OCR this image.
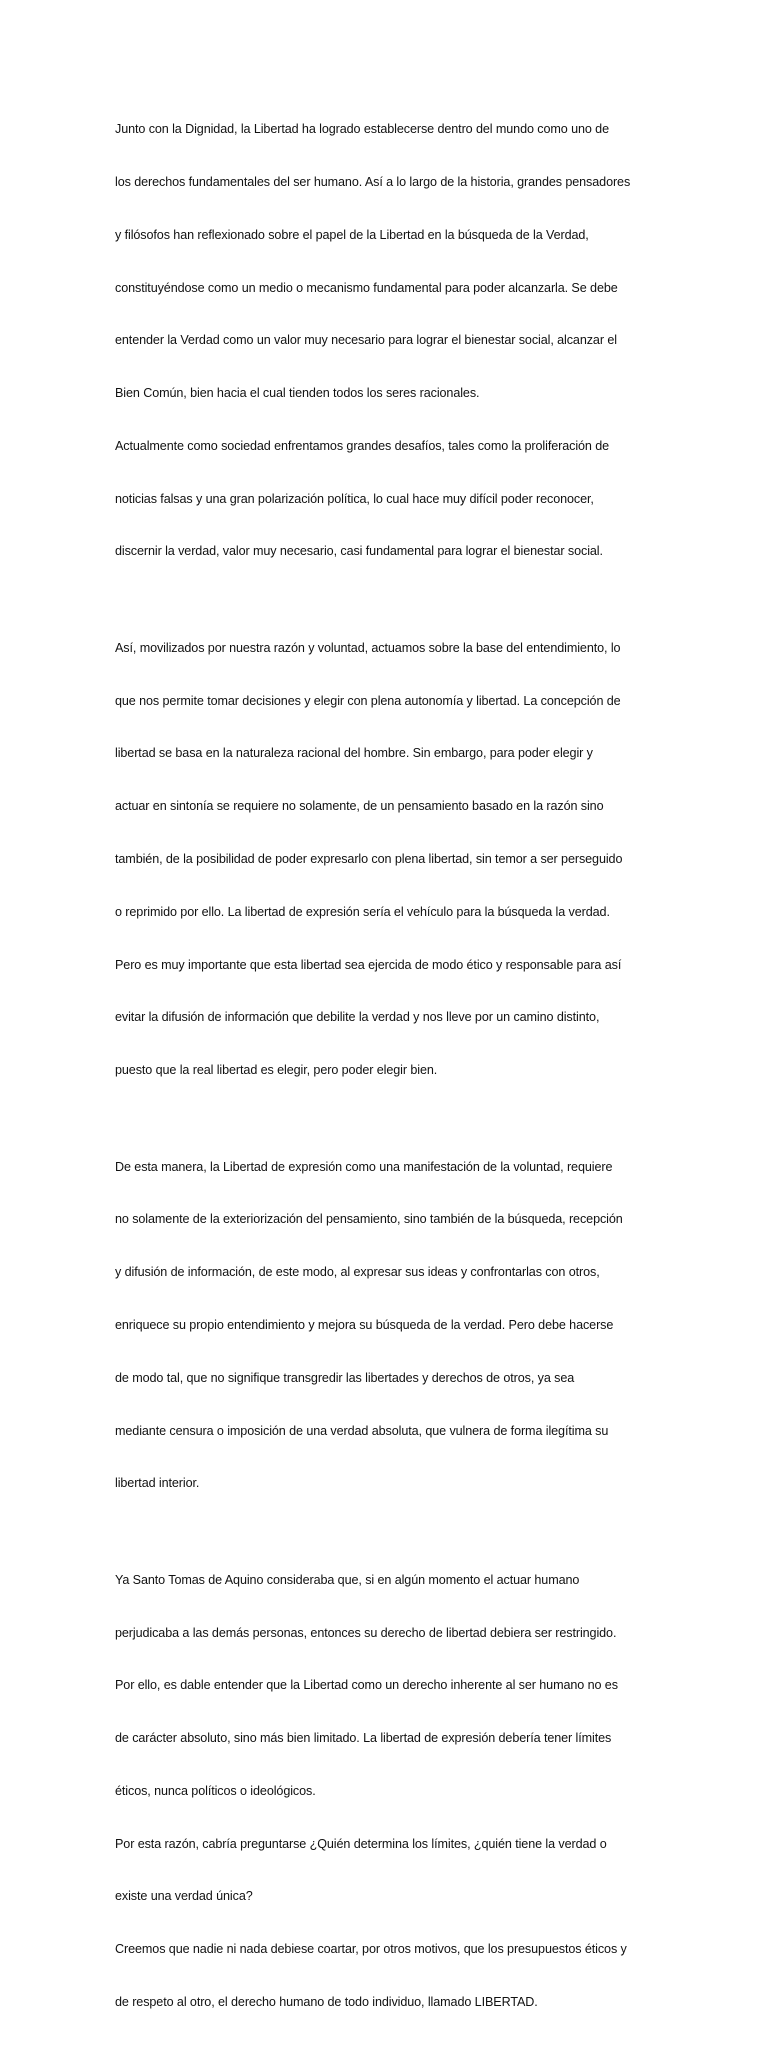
Junto con la Dignidad, la Libertad ha logrado establecerse dentro del mundo como uno de

los derechos fundamentales del ser humano. Así a lo largo de la historia, grandes pensadores

y filósofos han reflexionado sobre el papel de la Libertad en la búsqueda de la Verdad,

constituyéndose como un medio o mecanismo fundamental para poder alcanzarla. Se debe

entender la Verdad como un valor muy necesario para lograr el bienestar social, alcanzar el

Bien Común, bien hacia el cual tienden todos los seres racionales.

Actualmente como sociedad enfrentamos grandes desafíos, tales como la proliferación de

noticias falsas y una gran polarización política, lo cual hace muy difícil poder reconocer,

discernir la verdad, valor muy necesario, casi fundamental para lograr el bienestar social.

Así, movilizados por nuestra razón y voluntad, actuamos sobre la base del entendimiento, lo

que nos permite tomar decisiones y elegir con plena autonomía y libertad. La concepción de

libertad se basa en la naturaleza racional del hombre. Sin embargo, para poder elegir y

actuar en sintonía se requiere no solamente, de un pensamiento basado en la razón sino

también, de la posibilidad de poder expresarlo con plena libertad, sin temor a ser perseguido

o reprimido por ello. La libertad de expresión sería el vehículo para la búsqueda la verdad.

Pero es muy importante que esta libertad sea ejercida de modo ético y responsable para así

evitar la difusión de información que debilite la verdad y nos lleve por un camino distinto,

puesto que la real libertad es elegir, pero poder elegir bien.

De esta manera, la Libertad de expresión como una manifestación de la voluntad, requiere

no solamente de la exteriorización del pensamiento, sino también de la búsqueda, recepción

y difusión de información, de este modo, al expresar sus ideas y confrontarlas con otros,

enriquece su propio entendimiento y mejora su búsqueda de la verdad. Pero debe hacerse

de modo tal, que no signifique transgredir las libertades y derechos de otros, ya sea

mediante censura o imposición de una verdad absoluta, que vulnera de forma ilegítima su

libertad interior.

Ya Santo Tomas de Aquino consideraba que, si en algún momento el actuar humano

perjudicaba a las demás personas, entonces su derecho de libertad debiera ser restringido.

Por ello, es dable entender que la Libertad como un derecho inherente al ser humano no es

de carácter absoluto, sino más bien limitado. La libertad de expresión debería tener límites

éticos, nunca políticos o ideológicos.

Por esta razón, cabría preguntarse ¿Quién determina los límites, ¿quién tiene la verdad o

existe una verdad única?

Creemos que nadie ni nada debiese coartar, por otros motivos, que los presupuestos éticos y

de respeto al otro, el derecho humano de todo individuo, llamado LIBERTAD.
